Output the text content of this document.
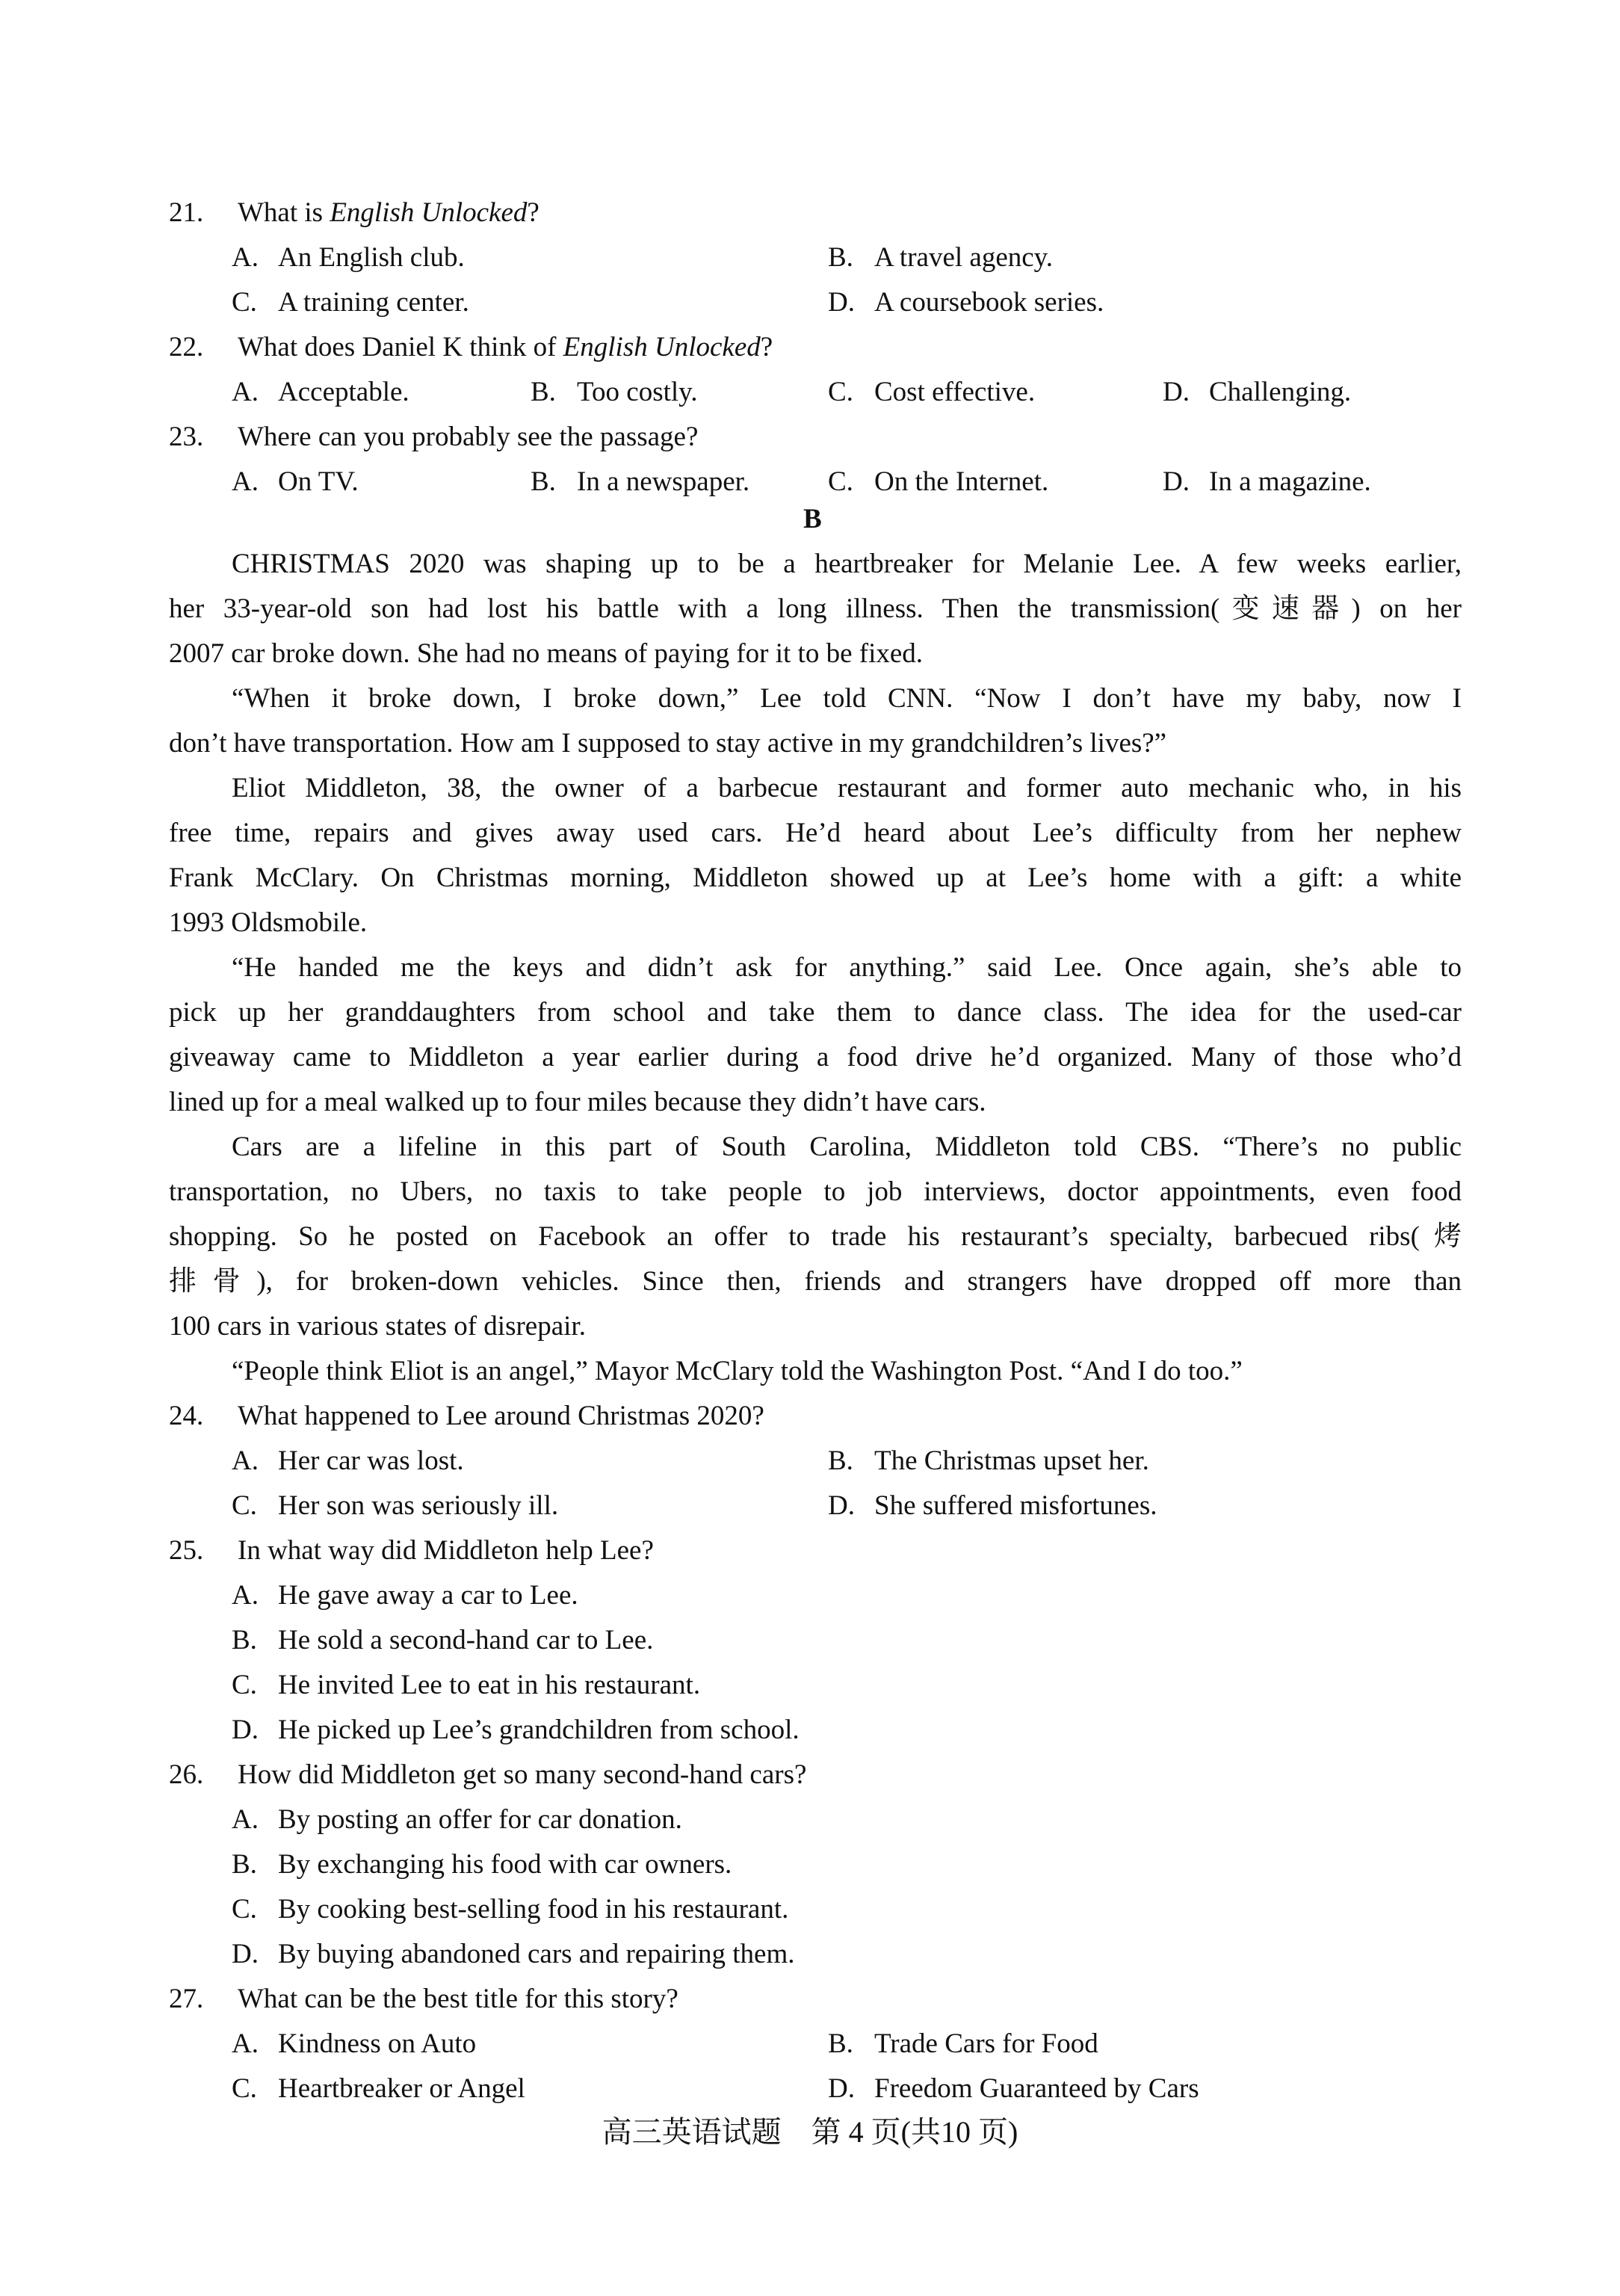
21. What is English Unlocked?
A. An English club.	B. A travel agency.
C. A training center.	D. A coursebook series.
22. What does Daniel K think of English Unlocked?
A. Acceptable.	B. Too costly.	C. Cost effective.	D. Challenging.
23. Where can you probably see the passage?
A. On TV.	B. In a newspaper.	C. On the Internet.	D. In a magazine.
B
CHRISTMAS 2020 was shaping up to be a heartbreaker for Melanie Lee. A few weeks earlier,
her 33-year-old son had lost his battle with a long illness. Then the transmission(变速器) on her
2007 car broke down. She had no means of paying for it to be fixed.
“When it broke down, I broke down,” Lee told CNN. “Now I don’t have my baby, now I
don’t have transportation. How am I supposed to stay active in my grandchildren’s lives?”
Eliot Middleton, 38, the owner of a barbecue restaurant and former auto mechanic who, in his
free time, repairs and gives away used cars. He’d heard about Lee’s difficulty from her nephew
Frank McClary. On Christmas morning, Middleton showed up at Lee’s home with a gift: a white
1993 Oldsmobile.
“He handed me the keys and didn’t ask for anything.” said Lee. Once again, she’s able to
pick up her granddaughters from school and take them to dance class. The idea for the used-car
giveaway came to Middleton a year earlier during a food drive he’d organized. Many of those who’d
lined up for a meal walked up to four miles because they didn’t have cars.
Cars are a lifeline in this part of South Carolina, Middleton told CBS. “There’s no public
transportation, no Ubers, no taxis to take people to job interviews, doctor appointments, even food
shopping. So he posted on Facebook an offer to trade his restaurant’s specialty, barbecued ribs(烤
排骨), for broken-down vehicles. Since then, friends and strangers have dropped off more than
100 cars in various states of disrepair.
“People think Eliot is an angel,” Mayor McClary told the Washington Post. “And I do too.”
24. What happened to Lee around Christmas 2020?
A. Her car was lost.	B. The Christmas upset her.
C. Her son was seriously ill.	D. She suffered misfortunes.
25. In what way did Middleton help Lee?
A. He gave away a car to Lee.
B. He sold a second-hand car to Lee.
C. He invited Lee to eat in his restaurant.
D. He picked up Lee’s grandchildren from school.
26. How did Middleton get so many second-hand cars?
A. By posting an offer for car donation.
B. By exchanging his food with car owners.
C. By cooking best-selling food in his restaurant.
D. By buying abandoned cars and repairing them.
27. What can be the best title for this story?
A. Kindness on Auto	B. Trade Cars for Food
C. Heartbreaker or Angel	D. Freedom Guaranteed by Cars
高三英语试题　第 4 页(共10 页)
